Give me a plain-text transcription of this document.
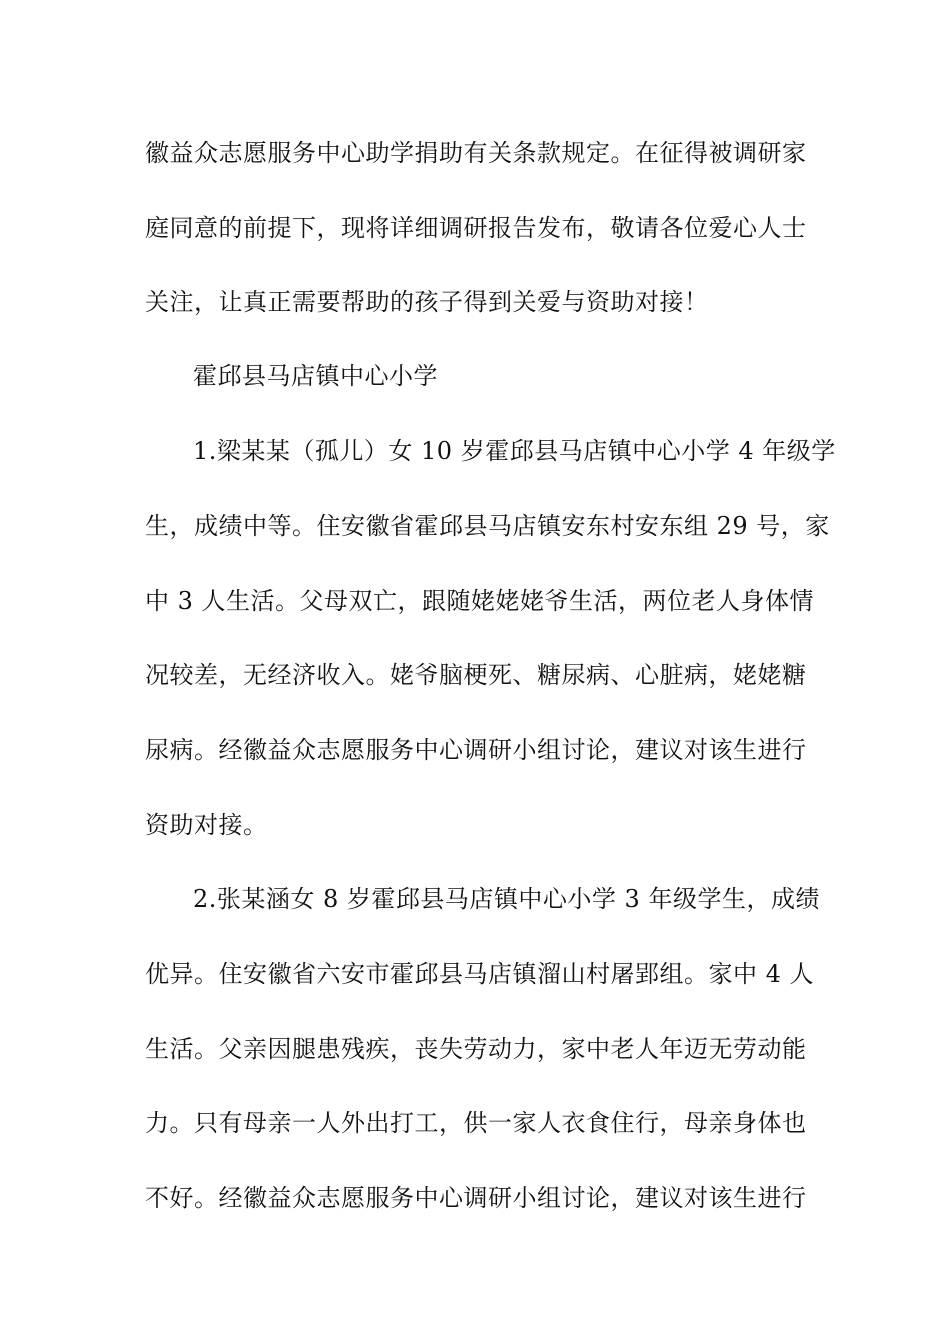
徽益众志愿服务中心助学捐助有关条款规定。在征得被调研家
庭同意的前提下，现将详细调研报告发布，敬请各位爱心人士
关注，让真正需要帮助的孩子得到关爱与资助对接！
霍邱县马店镇中心小学
1.梁某某（孤儿）女 10 岁霍邱县马店镇中心小学 4 年级学
生，成绩中等。住安徽省霍邱县马店镇安东村安东组 29 号，家
中 3 人生活。父母双亡，跟随姥姥姥爷生活，两位老人身体情
况较差，无经济收入。姥爷脑梗死、糖尿病、心脏病，姥姥糖
尿病。经徽益众志愿服务中心调研小组讨论，建议对该生进行
资助对接。
2.张某涵女 8 岁霍邱县马店镇中心小学 3 年级学生，成绩
优异。住安徽省六安市霍邱县马店镇溜山村屠郢组。家中 4 人
生活。父亲因腿患残疾，丧失劳动力，家中老人年迈无劳动能
力。只有母亲一人外出打工，供一家人衣食住行，母亲身体也
不好。经徽益众志愿服务中心调研小组讨论，建议对该生进行
